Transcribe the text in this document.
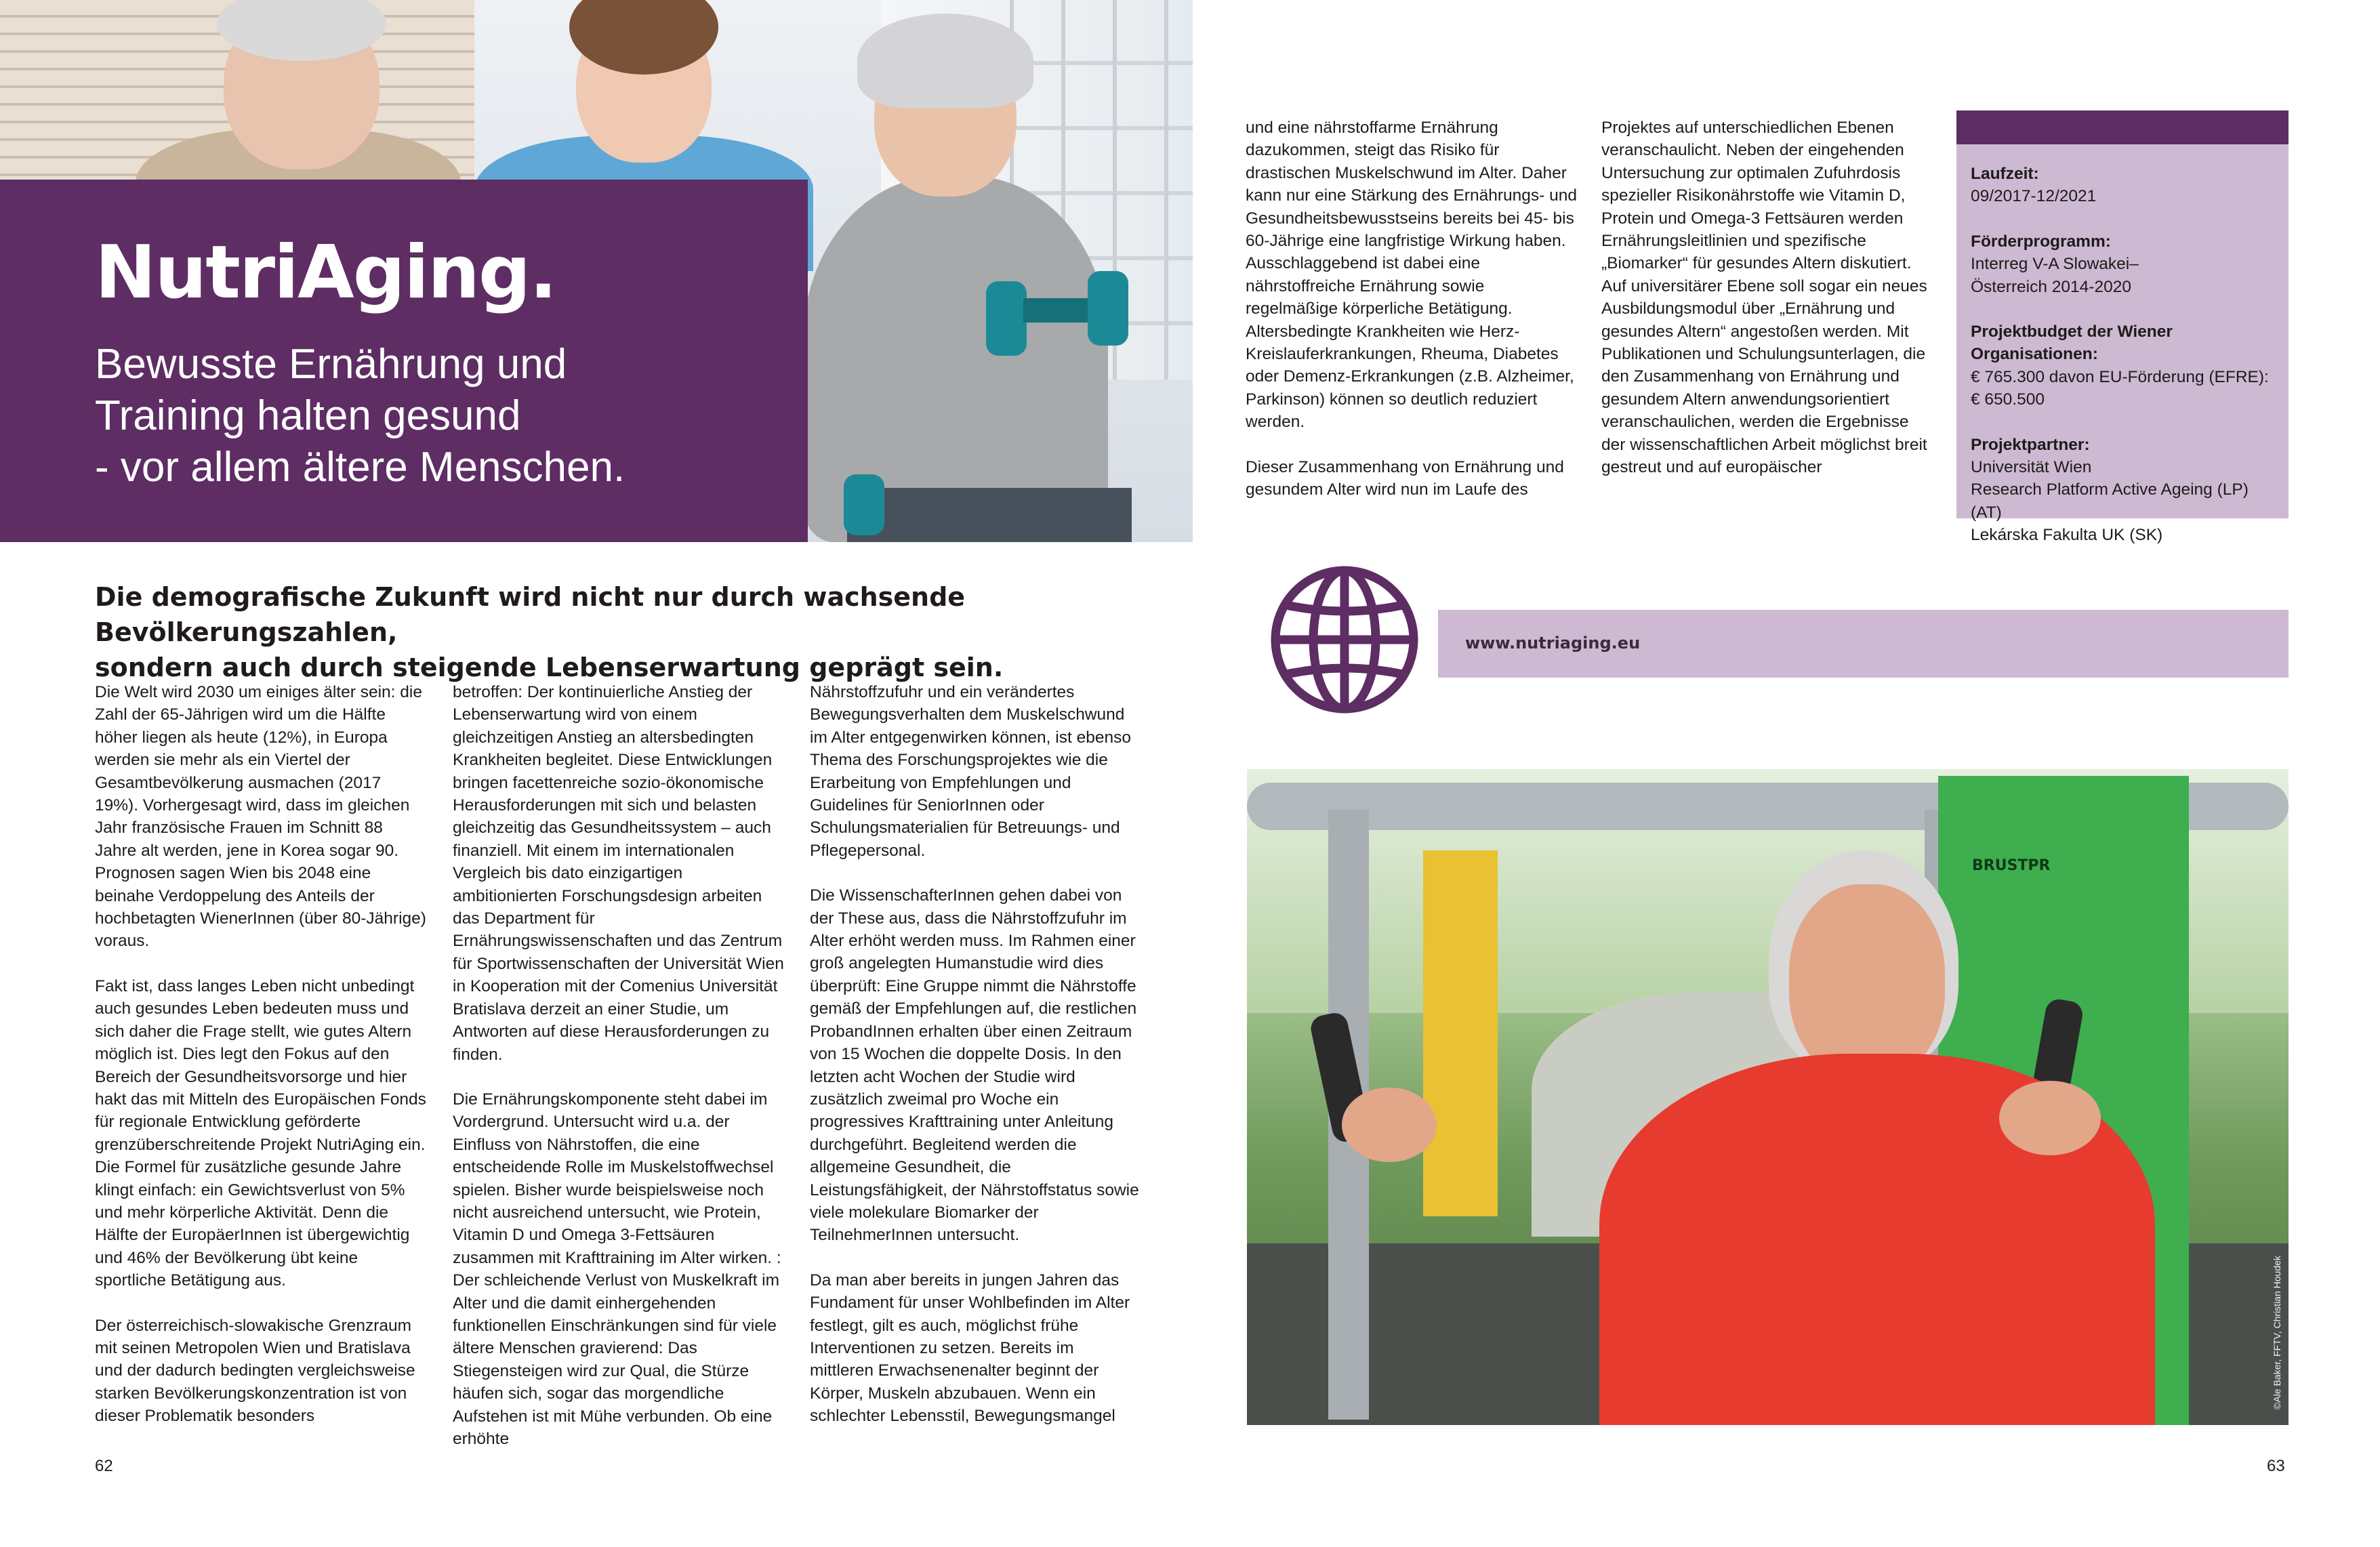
NutriAging.
Bewusste Ernährung und
Training halten gesund
- vor allem ältere Menschen.
Die demografische Zukunft wird nicht nur durch wachsende Bevölkerungszahlen,
sondern auch durch steigende Lebenserwartung geprägt sein.

Die Welt wird 2030 um einiges älter sein: die Zahl der 65-Jährigen wird um die Hälfte höher liegen als heute (12%), in Europa werden sie mehr als ein Viertel der Gesamtbevölkerung ausmachen (2017 19%). Vorhergesagt wird, dass im gleichen Jahr französische Frauen im Schnitt 88 Jahre alt werden, jene in Korea sogar 90. Prognosen sagen Wien bis 2048 eine beinahe Verdoppelung des Anteils der hochbetagten WienerInnen (über 80-Jährige) voraus.

Fakt ist, dass langes Leben nicht unbedingt auch gesundes Leben bedeuten muss und sich daher die Frage stellt, wie gutes Altern möglich ist. Dies legt den Fokus auf den Bereich der Gesundheitsvorsorge und hier hakt das mit Mitteln des Europäischen Fonds für regionale Entwicklung geförderte grenzüberschreitende Projekt NutriAging ein. Die Formel für zusätzliche gesunde Jahre klingt einfach: ein Gewichtsverlust von 5% und mehr körperliche Aktivität. Denn die Hälfte der EuropäerInnen ist übergewichtig und 46% der Bevölkerung übt keine sportliche Betätigung aus.

Der österreichisch-slowakische Grenzraum mit seinen Metropolen Wien und Bratislava und der dadurch bedingten vergleichsweise starken Bevölkerungskonzentration ist von dieser Problematik besonders

betroffen: Der kontinuierliche Anstieg der Lebenserwartung wird von einem gleichzeitigen Anstieg an altersbedingten Krankheiten begleitet. Diese Entwicklungen bringen facettenreiche sozio-ökonomische Herausforderungen mit sich und belasten gleichzeitig das Gesundheitssystem – auch finanziell. Mit einem im internationalen Vergleich bis dato einzigartigen ambitionierten Forschungsdesign arbeiten das Department für Ernährungswissenschaften und das Zentrum für Sportwissenschaften der Universität Wien in Kooperation mit der Comenius Universität Bratislava derzeit an einer Studie, um Antworten auf diese Herausforderungen zu finden.

Die Ernährungskomponente steht dabei im Vordergrund. Untersucht wird u.a. der Einfluss von Nährstoffen, die eine entscheidende Rolle im Muskelstoffwechsel spielen. Bisher wurde beispielsweise noch nicht ausreichend untersucht, wie Protein, Vitamin D und Omega 3-Fettsäuren zusammen mit Krafttraining im Alter wirken. : Der schleichende Verlust von Muskelkraft im Alter und die damit einhergehenden funktionellen Einschränkungen sind für viele ältere Menschen gravierend: Das Stiegensteigen wird zur Qual, die Stürze häufen sich, sogar das morgendliche Aufstehen ist mit Mühe verbunden. Ob eine erhöhte

Nährstoffzufuhr und ein verändertes Bewegungsverhalten dem Muskelschwund im Alter entgegenwirken können, ist ebenso Thema des Forschungsprojektes wie die Erarbeitung von Empfehlungen und Guidelines für SeniorInnen oder Schulungsmaterialien für Betreuungs- und Pflegepersonal.

Die WissenschafterInnen gehen dabei von der These aus, dass die Nährstoffzufuhr im Alter erhöht werden muss. Im Rahmen einer groß angelegten Humanstudie wird dies überprüft: Eine Gruppe nimmt die Nährstoffe gemäß der Empfehlungen auf, die restlichen ProbandInnen erhalten über einen Zeitraum von 15 Wochen die doppelte Dosis. In den letzten acht Wochen der Studie wird zusätzlich zweimal pro Woche ein progressives Krafttraining unter Anleitung durchgeführt. Begleitend werden die allgemeine Gesundheit, die Leistungsfähigkeit, der Nährstoffstatus sowie viele molekulare Biomarker der TeilnehmerInnen untersucht.

Da man aber bereits in jungen Jahren das Fundament für unser Wohlbefinden im Alter festlegt, gilt es auch, möglichst frühe Interventionen zu setzen. Bereits im mittleren Erwachsenenalter beginnt der Körper, Muskeln abzubauen. Wenn ein schlechter Lebensstil, Bewegungsmangel

62

und eine nährstoffarme Ernährung dazukommen, steigt das Risiko für drastischen Muskelschwund im Alter. Daher kann nur eine Stärkung des Ernährungs- und Gesundheitsbewusstseins bereits bei 45- bis 60-Jährige eine langfristige Wirkung haben. Ausschlaggebend ist dabei eine nährstoffreiche Ernährung sowie regelmäßige körperliche Betätigung. Altersbedingte Krankheiten wie Herz-Kreislauferkrankungen, Rheuma, Diabetes oder Demenz-Erkrankungen (z.B. Alzheimer, Parkinson) können so deutlich reduziert werden.

Dieser Zusammenhang von Ernährung und gesundem Alter wird nun im Laufe des

Projektes auf unterschiedlichen Ebenen veranschaulicht. Neben der eingehenden Untersuchung zur optimalen Zufuhrdosis spezieller Risikonährstoffe wie Vitamin D, Protein und Omega-3 Fettsäuren werden Ernährungsleitlinien und spezifische „Biomarker“ für gesundes Altern diskutiert. Auf universitärer Ebene soll sogar ein neues Ausbildungsmodul über „Ernährung und gesundes Altern“ angestoßen werden. Mit Publikationen und Schulungsunterlagen, die den Zusammenhang von Ernährung und gesundem Altern anwendungsorientiert veranschaulichen, werden die Ergebnisse der wissenschaftlichen Arbeit möglichst breit gestreut und auf europäischer

Laufzeit:
09/2017-12/2021
Förderprogramm:
Interreg V-A Slowakei–
Österreich 2014-2020
Projektbudget der Wiener Organisationen:
€ 765.300 davon EU-Förderung (EFRE):
€ 650.500
Projektpartner:
Universität Wien
Research Platform Active Ageing (LP) (AT)
Lekárska Fakulta UK (SK)
www.nutriaging.eu
BRUSTPR
©Ale Baker, FFTV, Christian Houdek
63
